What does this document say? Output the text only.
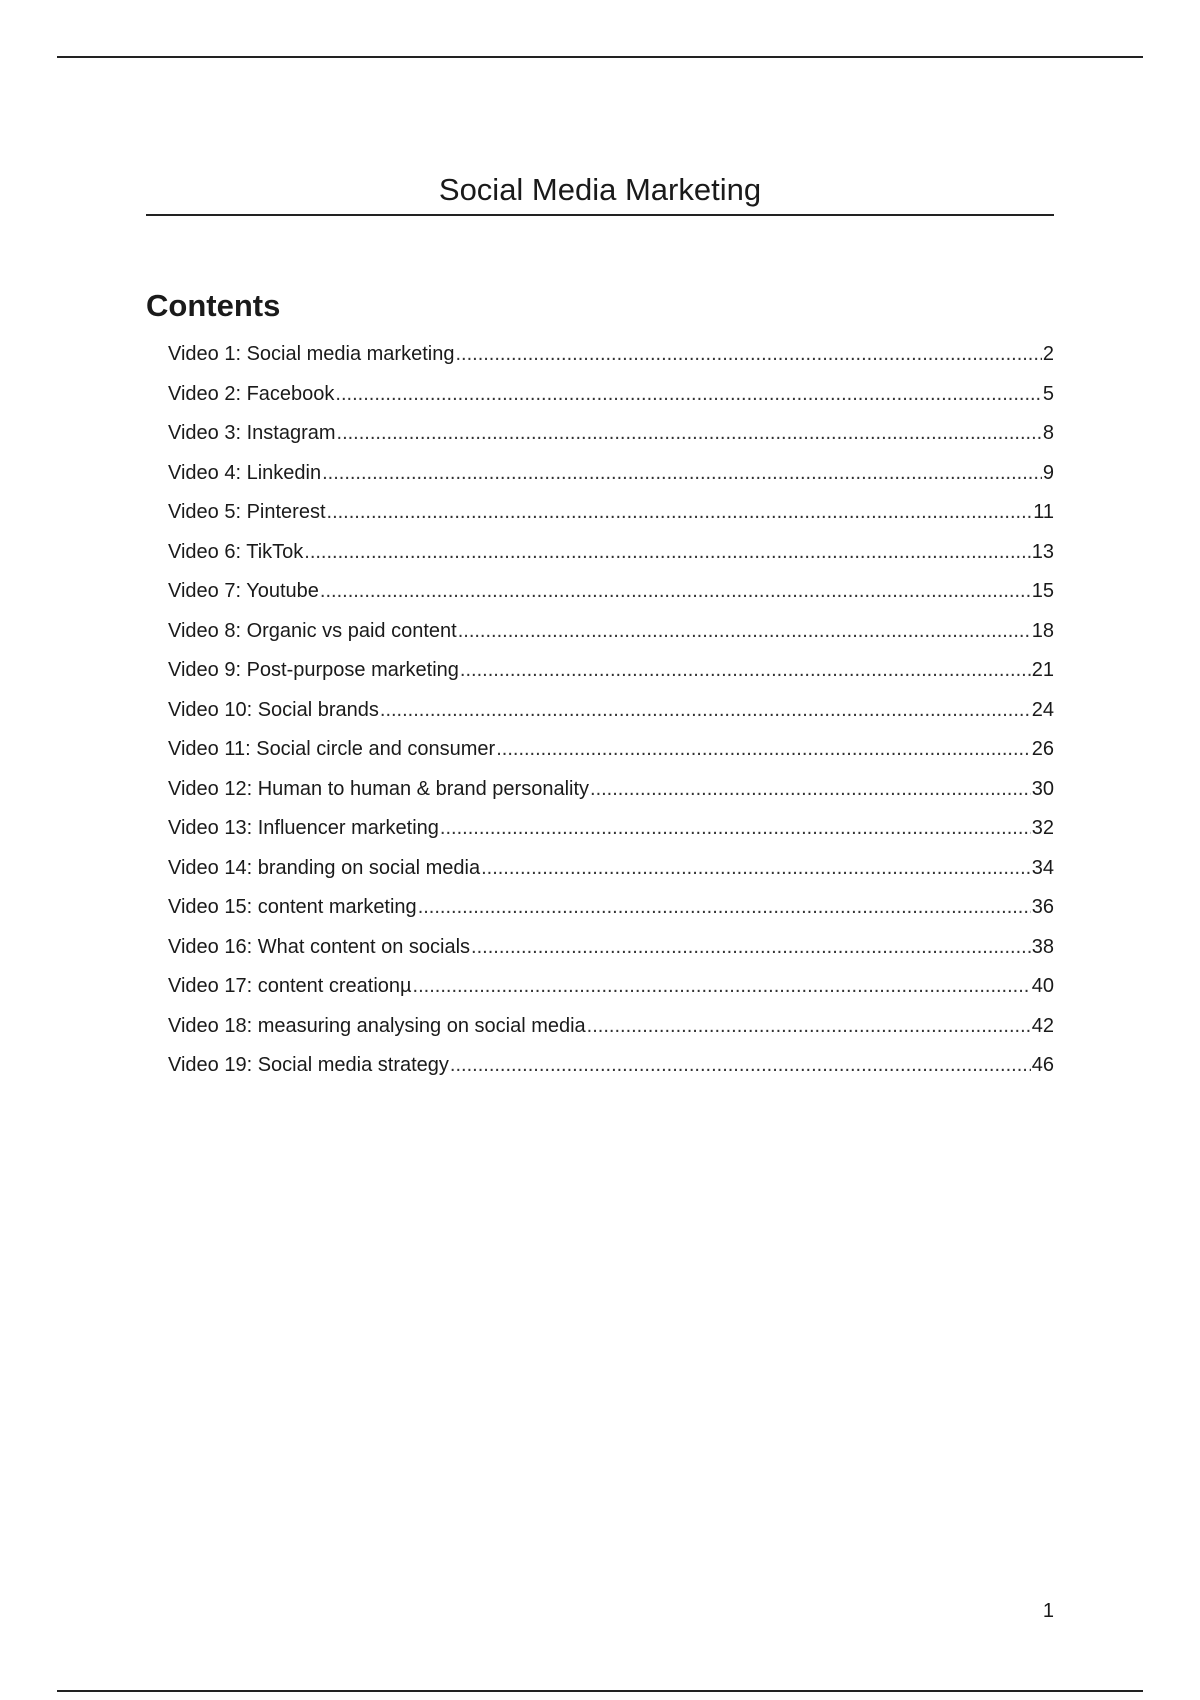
Social Media Marketing
Contents
Video 1: Social media marketing .....	2
Video 2: Facebook .....	5
Video 3: Instagram .....	8
Video 4: Linkedin .....	9
Video 5: Pinterest .....	11
Video 6: TikTok .....	13
Video 7: Youtube .....	15
Video 8: Organic vs paid content .....	18
Video 9: Post-purpose marketing .....	21
Video 10: Social brands .....	24
Video 11: Social circle and consumer .....	26
Video 12: Human to human & brand personality .....	30
Video 13: Influencer marketing .....	32
Video 14: branding on social media .....	34
Video 15: content marketing .....	36
Video 16: What content on socials .....	38
Video 17: content creationµ .....	40
Video 18: measuring analysing on social media .....	42
Video 19: Social media strategy .....	46
1
